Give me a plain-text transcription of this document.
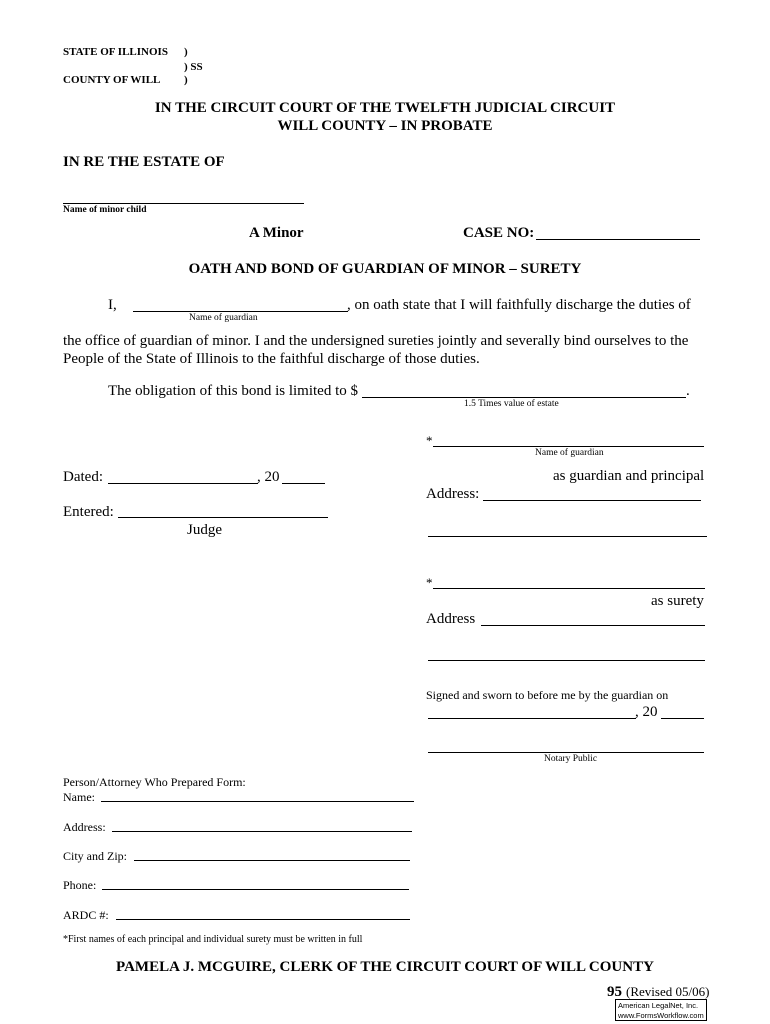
STATE OF ILLINOIS )
) SS
COUNTY OF WILL )
IN THE CIRCUIT COURT OF THE TWELFTH JUDICIAL CIRCUIT
WILL COUNTY – IN PROBATE
IN RE THE ESTATE OF
Name of minor child
A Minor	CASE NO:
OATH AND BOND OF GUARDIAN OF MINOR – SURETY
I,
Name of guardian
, on oath state that I will faithfully discharge the duties of
the office of guardian of minor. I and the undersigned sureties jointly and severally bind ourselves to the
People of the State of Illinois to the faithful discharge of those duties.
The obligation of this bond is limited to $	.
1.5 Times value of estate
*
Name of guardian
as guardian and principal
Address:
Dated:	, 20
Entered:
Judge
*
as surety
Address
Signed and sworn to before me by the guardian on
, 20
Notary Public
Person/Attorney Who Prepared Form:
Name:
Address:
City and Zip:
Phone:
ARDC #:
*First names of each principal and individual surety must be written in full
PAMELA J. MCGUIRE, CLERK OF THE CIRCUIT COURT OF WILL COUNTY
95 (Revised 05/06)
American LegalNet, Inc.
www.FormsWorkflow.com
